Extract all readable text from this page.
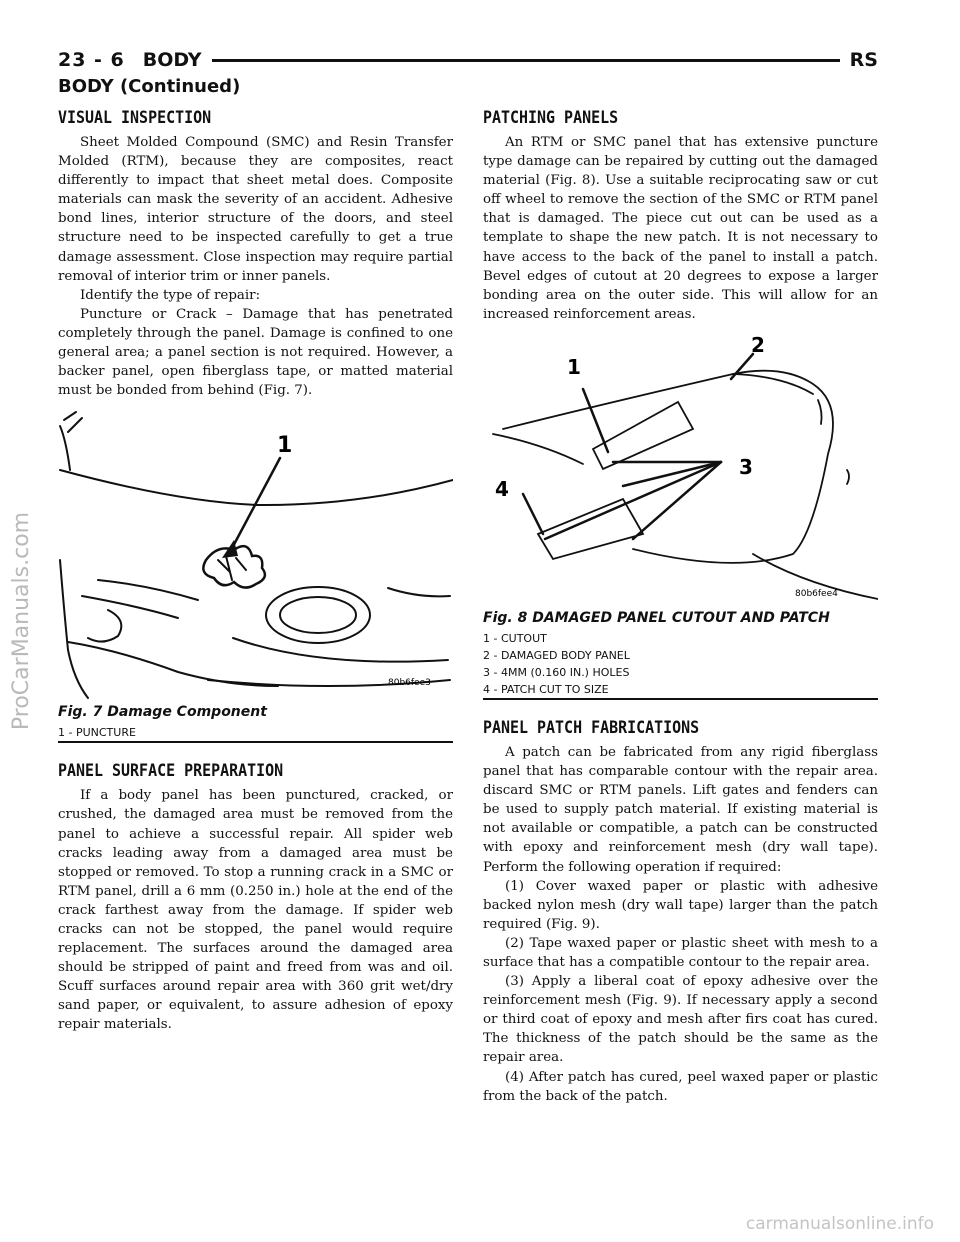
23 - 6 BODY	RS
BODY (Continued)
VISUAL INSPECTION

Sheet Molded Compound (SMC) and Resin Transfer Molded (RTM), because they are composites, react differently to impact that sheet metal does. Composite materials can mask the severity of an accident. Adhesive bond lines, interior structure of the doors, and steel structure need to be inspected carefully to get a true damage assessment. Close inspection may require partial removal of interior trim or inner panels.

Identify the type of repair:

Puncture or Crack – Damage that has penetrated completely through the panel. Damage is confined to one general area; a panel section is not required. However, a backer panel, open fiberglass tape, or matted material must be bonded from behind (Fig. 7).

1
80b6fee3
Fig. 7 Damage Component
1 - PUNCTURE
PANEL SURFACE PREPARATION

If a body panel has been punctured, cracked, or crushed, the damaged area must be removed from the panel to achieve a successful repair. All spider web cracks leading away from a damaged area must be stopped or removed. To stop a running crack in a SMC or RTM panel, drill a 6 mm (0.250 in.) hole at the end of the crack farthest away from the damage. If spider web cracks can not be stopped, the panel would require replacement. The surfaces around the damaged area should be stripped of paint and freed from was and oil. Scuff surfaces around repair area with 360 grit wet/dry sand paper, or equivalent, to assure adhesion of epoxy repair materials.

PATCHING PANELS

An RTM or SMC panel that has extensive puncture type damage can be repaired by cutting out the damaged material (Fig. 8). Use a suitable reciprocating saw or cut off wheel to remove the section of the SMC or RTM panel that is damaged. The piece cut out can be used as a template to shape the new patch. It is not necessary to have access to the back of the panel to install a patch. Bevel edges of cutout at 20 degrees to expose a larger bonding area on the outer side. This will allow for an increased reinforcement areas.

1
2
3
4
80b6fee4
Fig. 8 DAMAGED PANEL CUTOUT AND PATCH
1 - CUTOUT
2 - DAMAGED BODY PANEL
3 - 4MM (0.160 IN.) HOLES
4 - PATCH CUT TO SIZE
PANEL PATCH FABRICATIONS

A patch can be fabricated from any rigid fiberglass panel that has comparable contour with the repair area. discard SMC or RTM panels. Lift gates and fenders can be used to supply patch material. If existing material is not available or compatible, a patch can be constructed with epoxy and reinforcement mesh (dry wall tape). Perform the following operation if required:

(1) Cover waxed paper or plastic with adhesive backed nylon mesh (dry wall tape) larger than the patch required (Fig. 9).

(2) Tape waxed paper or plastic sheet with mesh to a surface that has a compatible contour to the repair area.

(3) Apply a liberal coat of epoxy adhesive over the reinforcement mesh (Fig. 9). If necessary apply a second or third coat of epoxy and mesh after firs coat has cured. The thickness of the patch should be the same as the repair area.

(4) After patch has cured, peel waxed paper or plastic from the back of the patch.

ProCarManuals.com
carmanualsonline.info
